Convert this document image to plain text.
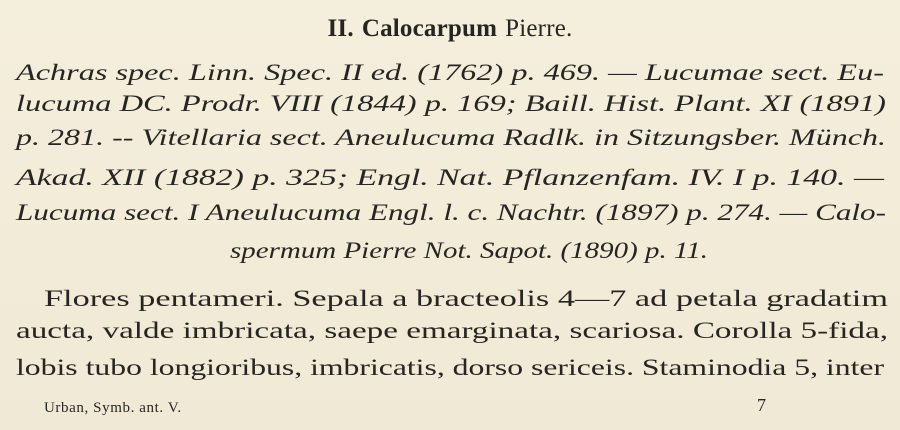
II. Calocarpum Pierre.
Achras spec. Linn. Spec. II ed. (1762) p. 469. — Lucumae sect. Eu-
lucuma DC. Prodr. VIII (1844) p. 169; Baill. Hist. Plant. XI (1891)
p. 281. -- Vitellaria sect. Aneulucuma Radlk. in Sitzungsber. Münch.
Akad. XII (1882) p. 325; Engl. Nat. Pflanzenfam. IV. I p. 140. —
Lucuma sect. I Aneulucuma Engl. l. c. Nachtr. (1897) p. 274. — Calo-
spermum Pierre Not. Sapot. (1890) p. 11.
Flores pentameri. Sepala a bracteolis 4—7 ad petala gradatim
aucta, valde imbricata, saepe emarginata, scariosa. Corolla 5-fida,
lobis tubo longioribus, imbricatis, dorso sericeis. Staminodia 5, inter
Urban, Symb. ant. V.	7
